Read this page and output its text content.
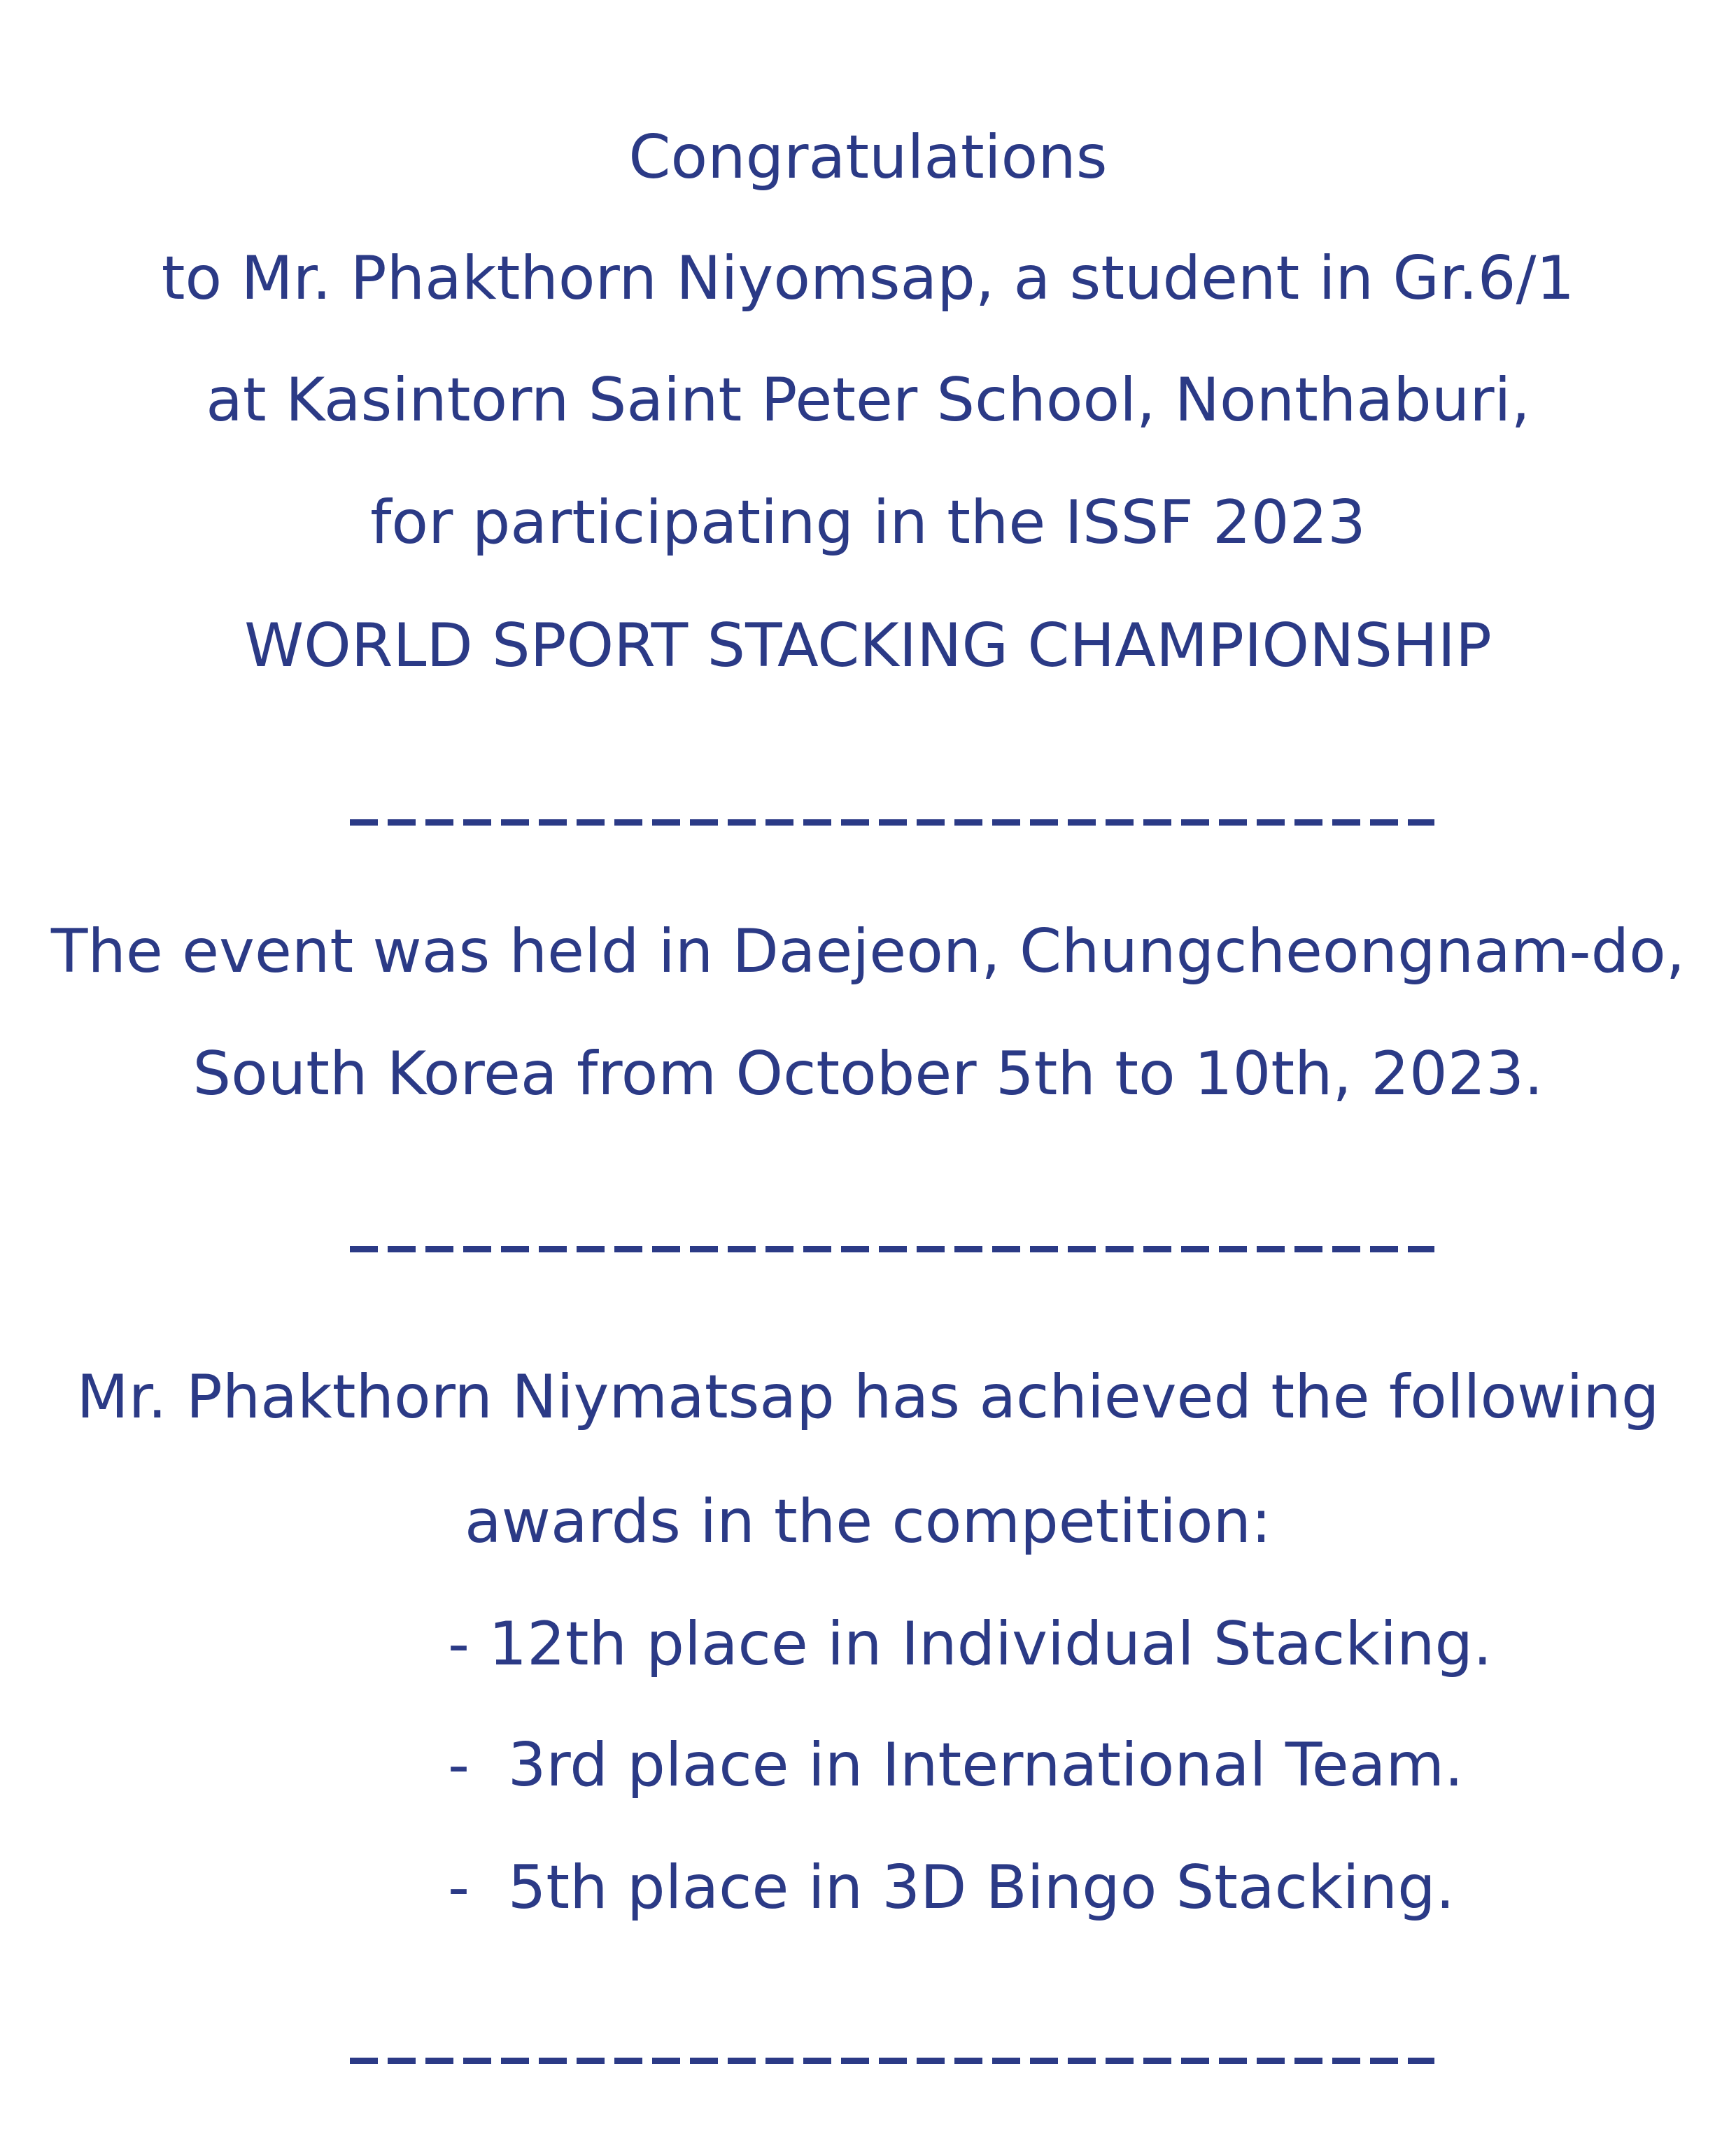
Congratulations
to Mr. Phakthorn Niyomsap, a student in Gr.6/1
at Kasintorn Saint Peter School, Nonthaburi,
for participating in the ISSF 2023
WORLD SPORT STACKING CHAMPIONSHIP
The event was held in Daejeon, Chungcheongnam-do,
South Korea from October 5th to 10th, 2023.
Mr. Phakthorn Niymatsap has achieved the following
awards in the competition:
- 12th place in Individual Stacking.
-  3rd place in International Team.
-  5th place in 3D Bingo Stacking.
